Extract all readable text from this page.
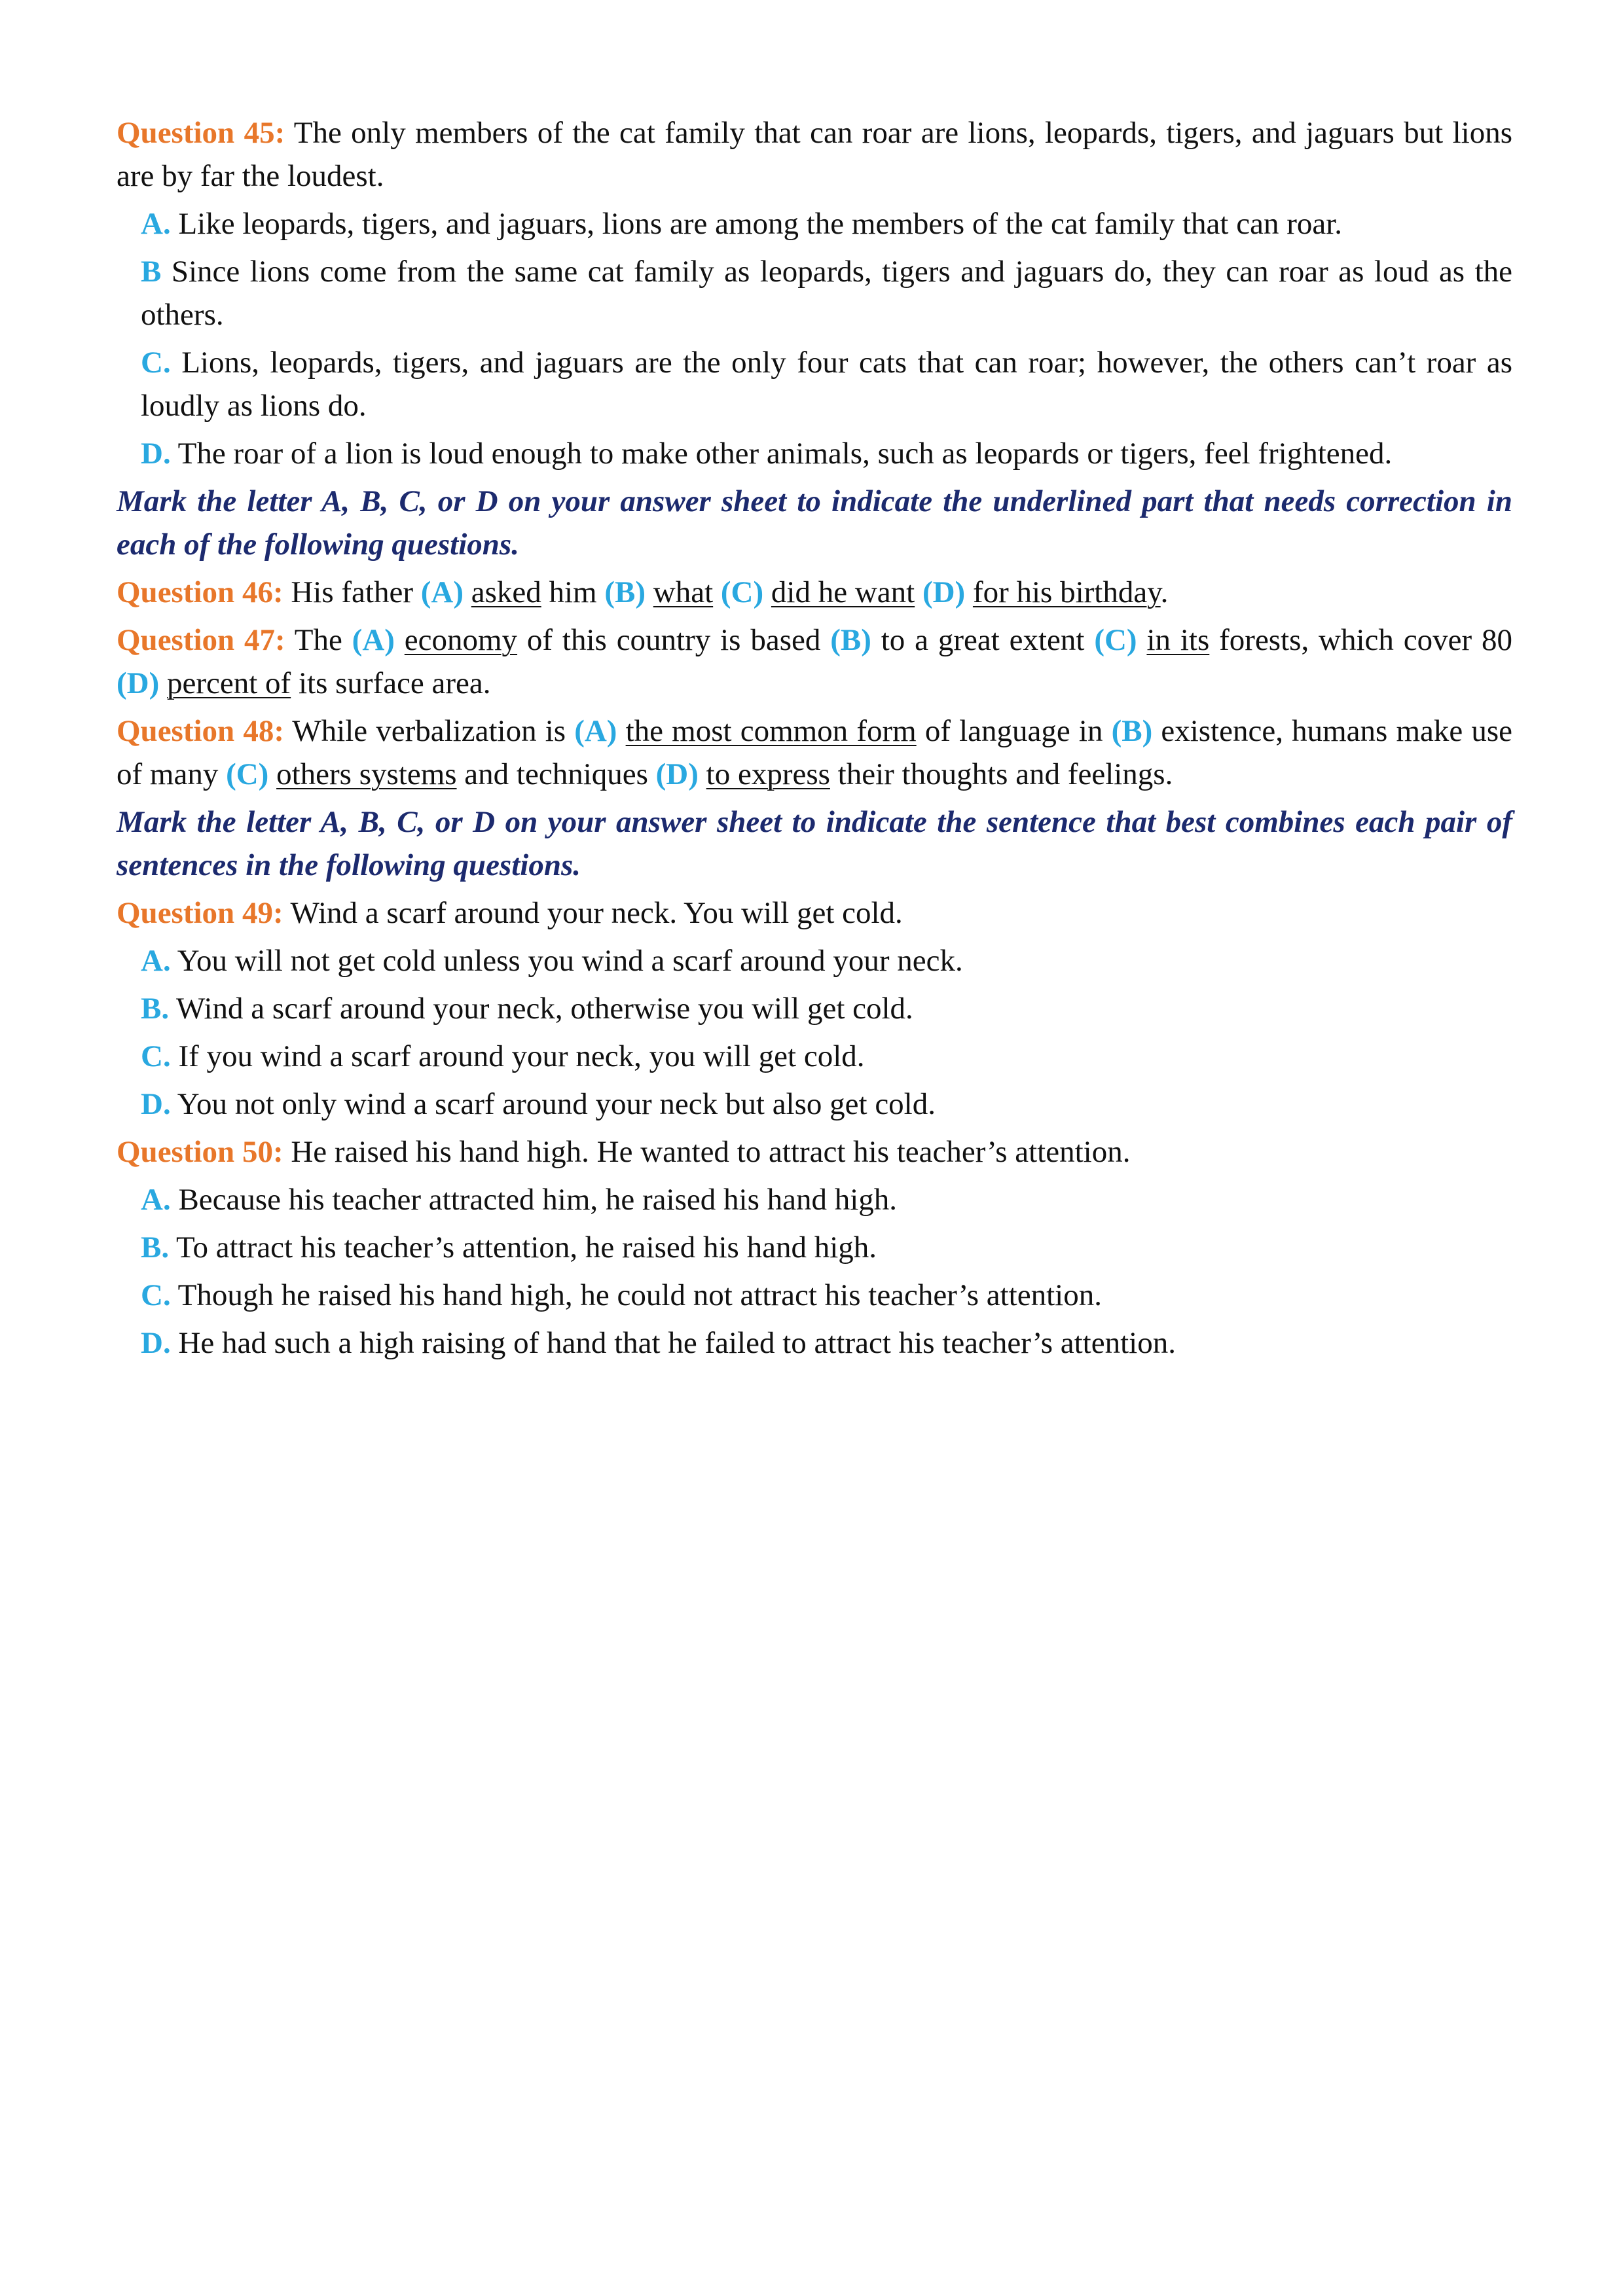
Question 45: The only members of the cat family that can roar are lions, leopards, tigers, and jaguars but lions are by far the loudest.

A. Like leopards, tigers, and jaguars, lions are among the members of the cat family that can roar.

B Since lions come from the same cat family as leopards, tigers and jaguars do, they can roar as loud as the others.

C. Lions, leopards, tigers, and jaguars are the only four cats that can roar; however, the others can’t roar as loudly as lions do.

D. The roar of a lion is loud enough to make other animals, such as leopards or tigers, feel frightened.

Mark the letter A, B, C, or D on your answer sheet to indicate the underlined part that needs correction in each of the following questions.

Question 46: His father (A) asked him (B) what (C) did he want (D) for his birthday.

Question 47: The (A) economy of this country is based (B) to a great extent (C) in its forests, which cover 80 (D) percent of its surface area.

Question 48: While verbalization is (A) the most common form of language in (B) existence, humans make use of many (C) others systems and techniques (D) to express their thoughts and feelings.

Mark the letter A, B, C, or D on your answer sheet to indicate the sentence that best combines each pair of sentences in the following questions.

Question 49: Wind a scarf around your neck. You will get cold.

A. You will not get cold unless you wind a scarf around your neck.

B. Wind a scarf around your neck, otherwise you will get cold.

C. If you wind a scarf around your neck, you will get cold.

D. You not only wind a scarf around your neck but also get cold.

Question 50: He raised his hand high. He wanted to attract his teacher’s attention.

A. Because his teacher attracted him, he raised his hand high.

B. To attract his teacher’s attention, he raised his hand high.

C. Though he raised his hand high, he could not attract his teacher’s attention.

D. He had such a high raising of hand that he failed to attract his teacher’s attention.
